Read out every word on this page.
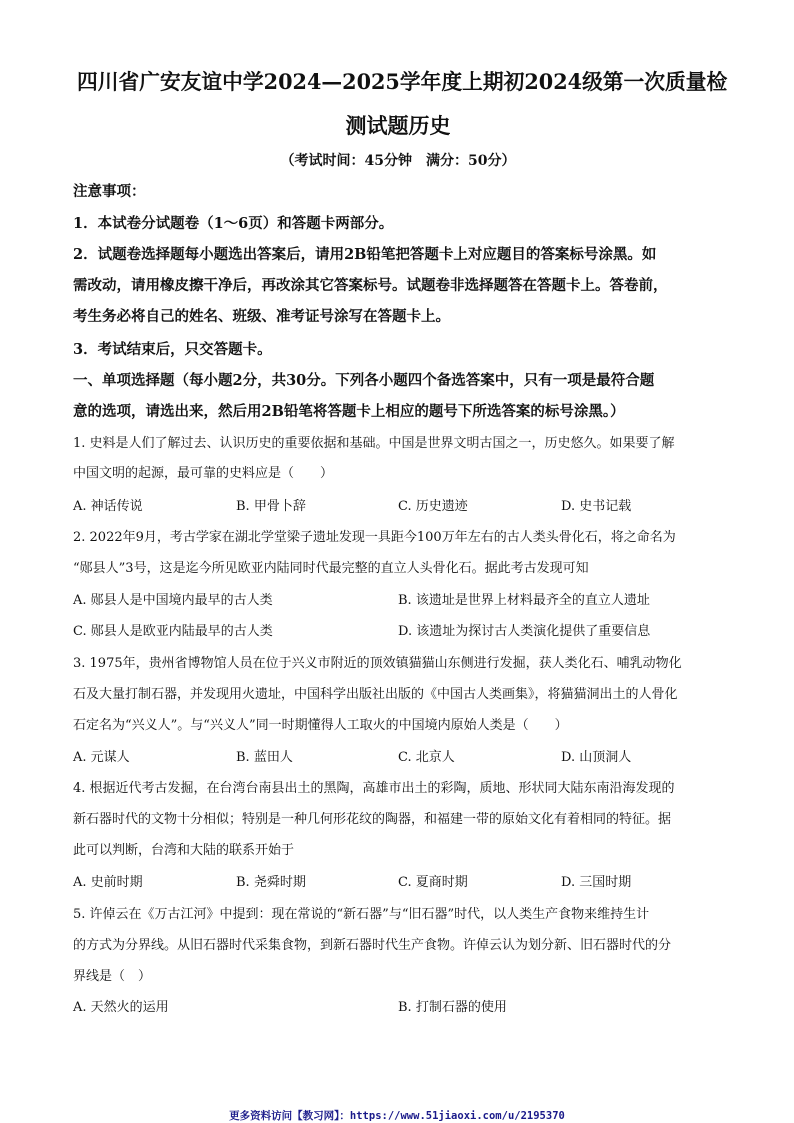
四川省广安友谊中学2024—2025学年度上期初2024级第一次质量检
测试题历史
（考试时间：45分钟　满分：50分）
注意事项：
1．本试卷分试题卷（1～6页）和答题卡两部分。
2．试题卷选择题每小题选出答案后，请用2B铅笔把答题卡上对应题目的答案标号涂黑。如
需改动，请用橡皮擦干净后，再改涂其它答案标号。试题卷非选择题答在答题卡上。答卷前，
考生务必将自己的姓名、班级、准考证号涂写在答题卡上。
3．考试结束后，只交答题卡。
一、单项选择题（每小题2分，共30分。下列各小题四个备选答案中，只有一项是最符合题
意的选项，请选出来，然后用2B铅笔将答题卡上相应的题号下所选答案的标号涂黑。）
1. 史料是人们了解过去、认识历史的重要依据和基础。中国是世界文明古国之一，历史悠久。如果要了解
中国文明的起源，最可靠的史料应是（　　）
A. 神话传说	B. 甲骨卜辞	C. 历史遗迹	D. 史书记载
2. 2022年9月，考古学家在湖北学堂梁子遗址发现一具距今100万年左右的古人类头骨化石，将之命名为
“郧县人”3号，这是迄今所见欧亚内陆同时代最完整的直立人头骨化石。据此考古发现可知
A. 郧县人是中国境内最早的古人类	B. 该遗址是世界上材料最齐全的直立人遗址
C. 郧县人是欧亚内陆最早的古人类	D. 该遗址为探讨古人类演化提供了重要信息
3. 1975年，贵州省博物馆人员在位于兴义市附近的顶效镇猫猫山东侧进行发掘，获人类化石、哺乳动物化
石及大量打制石器，并发现用火遗址，中国科学出版社出版的《中国古人类画集》，将猫猫洞出土的人骨化
石定名为“兴义人”。与“兴义人”同一时期懂得人工取火的中国境内原始人类是（　　）
A. 元谋人	B. 蓝田人	C. 北京人	D. 山顶洞人
4. 根据近代考古发掘，在台湾台南县出土的黑陶，高雄市出土的彩陶，质地、形状同大陆东南沿海发现的
新石器时代的文物十分相似；特别是一种几何形花纹的陶器，和福建一带的原始文化有着相同的特征。据
此可以判断，台湾和大陆的联系开始于
A. 史前时期	B. 尧舜时期	C. 夏商时期	D. 三国时期
5. 许倬云在《万古江河》中提到：现在常说的“新石器”与“旧石器”时代，以人类生产食物来维持生计
的方式为分界线。从旧石器时代采集食物，到新石器时代生产食物。许倬云认为划分新、旧石器时代的分
界线是（　）
A. 天然火的运用	B. 打制石器的使用
更多资料访问【教习网】：https://www.51jiaoxi.com/u/2195370
